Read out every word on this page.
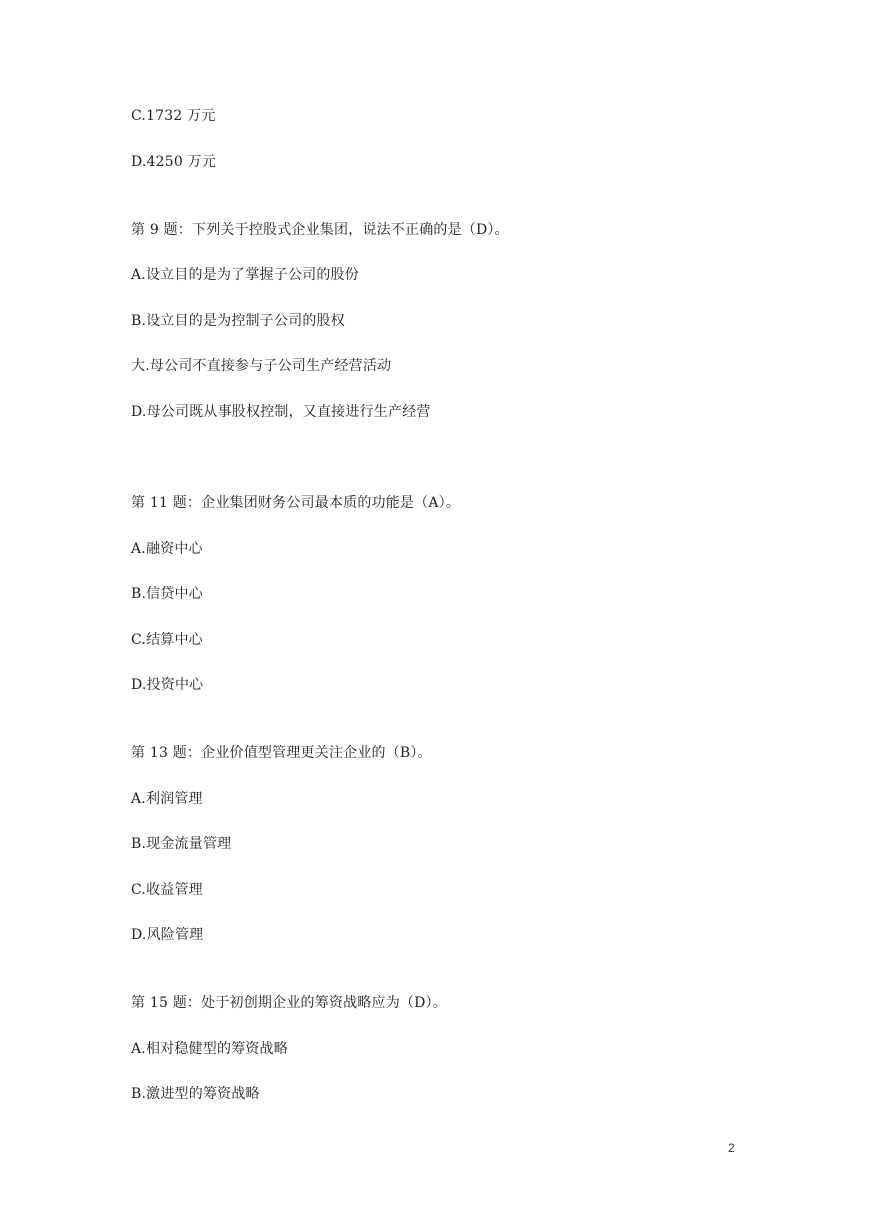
C.1732 万元
D.4250 万元
第 9 题：下列关于控股式企业集团，说法不正确的是（D）。
A.设立目的是为了掌握子公司的股份
B.设立目的是为控制子公司的股权
大.母公司不直接参与子公司生产经营活动
D.母公司既从事股权控制，又直接进行生产经营
第 11 题：企业集团财务公司最本质的功能是（A）。
A.融资中心
B.信贷中心
C.结算中心
D.投资中心
第 13 题：企业价值型管理更关注企业的（B）。
A.利润管理
B.现金流量管理
C.收益管理
D.风险管理
第 15 题：处于初创期企业的筹资战略应为（D）。
A.相对稳健型的筹资战略
B.激进型的筹资战略
2
